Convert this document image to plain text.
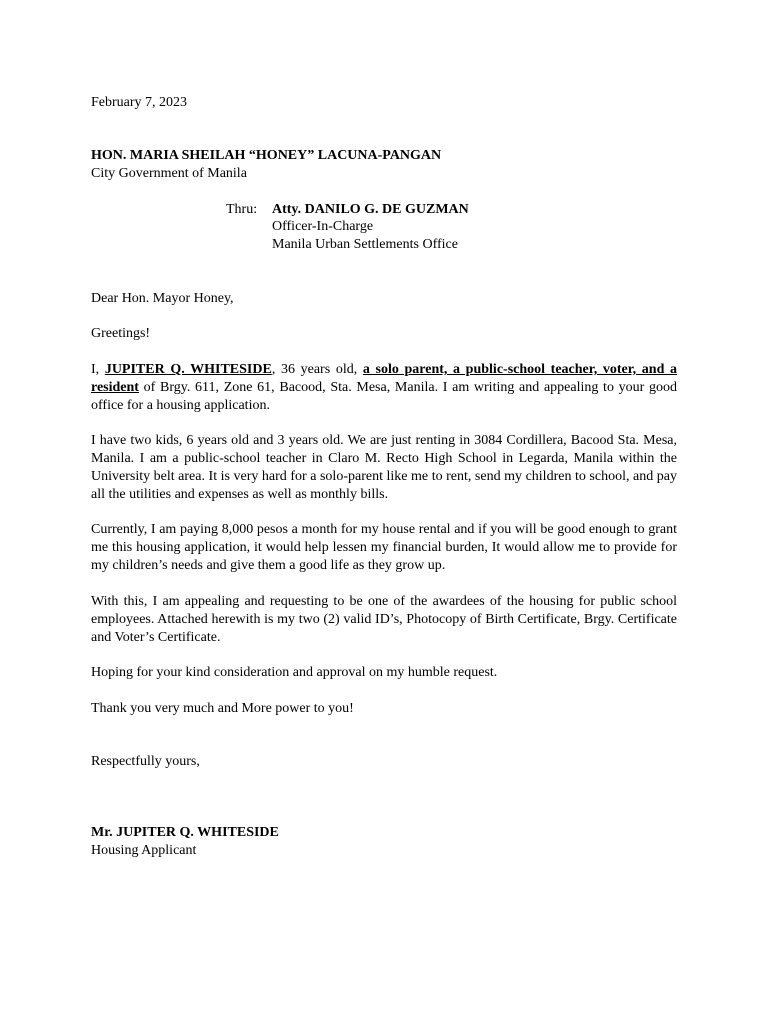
February 7, 2023
HON. MARIA SHEILAH “HONEY” LACUNA-PANGAN
City Government of Manila
Thru: Atty. DANILO G. DE GUZMAN
Officer-In-Charge
Manila Urban Settlements Office
Dear Hon. Mayor Honey,
Greetings!
I, JUPITER Q. WHITESIDE, 36 years old, a solo parent, a public-school teacher, voter, and a resident of Brgy. 611, Zone 61, Bacood, Sta. Mesa, Manila. I am writing and appealing to your good office for a housing application.
I have two kids, 6 years old and 3 years old. We are just renting in 3084 Cordillera, Bacood Sta. Mesa, Manila. I am a public-school teacher in Claro M. Recto High School in Legarda, Manila within the University belt area. It is very hard for a solo-parent like me to rent, send my children to school, and pay all the utilities and expenses as well as monthly bills.
Currently, I am paying 8,000 pesos a month for my house rental and if you will be good enough to grant me this housing application, it would help lessen my financial burden, It would allow me to provide for my children’s needs and give them a good life as they grow up.
With this, I am appealing and requesting to be one of the awardees of the housing for public school employees. Attached herewith is my two (2) valid ID’s, Photocopy of Birth Certificate, Brgy. Certificate and Voter’s Certificate.
Hoping for your kind consideration and approval on my humble request.
Thank you very much and More power to you!
Respectfully yours,
Mr. JUPITER Q. WHITESIDE
Housing Applicant
